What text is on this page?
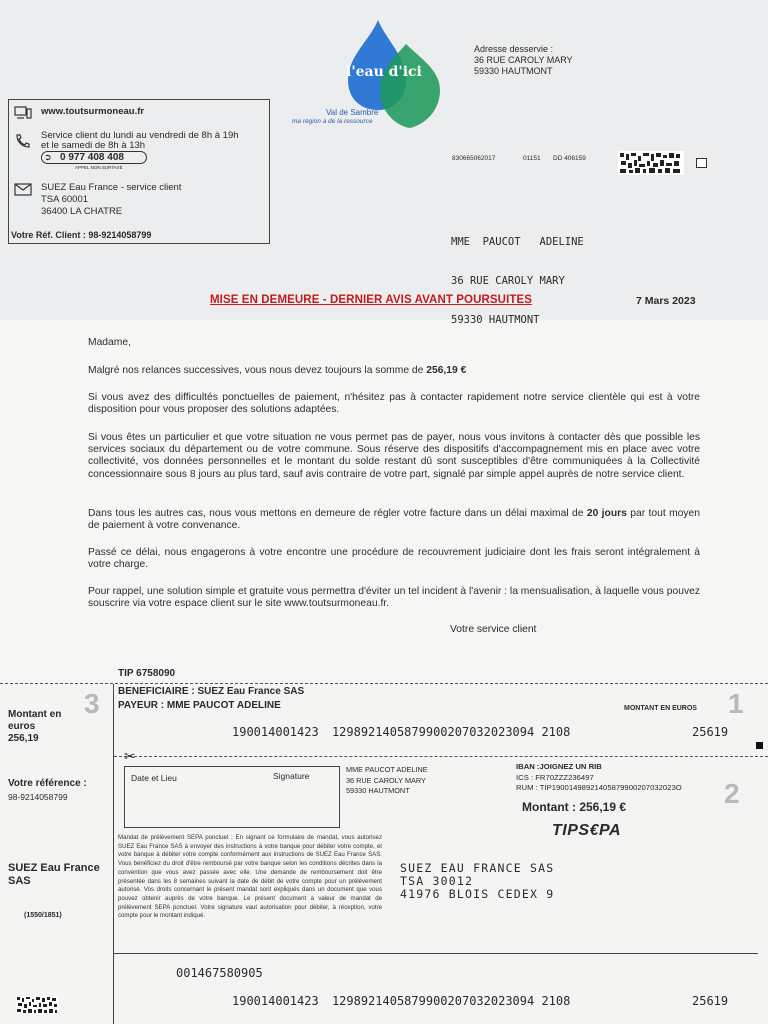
l'eau d'ici
Val de Sambre
ma région a de la ressource
Adresse desservie :
36 RUE CAROLY MARY
59330 HAUTMONT
www.toutsurmoneau.fr
Service client du lundi au vendredi de 8h à 19h
et le samedi de 8h à 13h
➲ 0 977 408 408
APPEL NON SURTAXÉ
SUEZ Eau France - service client
TSA 60001
36400 LA CHATRE
Votre Réf. Client : 98-9214058799
830665062017	01151 DD 406159

MME  PAUCOT   ADELINE

36 RUE CAROLY MARY

59330 HAUTMONT

MISE EN DEMEURE - DERNIER AVIS AVANT POURSUITES	7 Mars 2023
Madame,
Malgré nos relances successives, vous nous devez toujours la somme de 256,19 €
Si vous avez des difficultés ponctuelles de paiement, n'hésitez pas à contacter rapidement notre service clientèle qui est à votre disposition pour vous proposer des solutions adaptées.
Si vous êtes un particulier et que votre situation ne vous permet pas de payer, nous vous invitons à contacter dès que possible les services sociaux du département ou de votre commune. Sous réserve des dispositifs d'accompagnement mis en place avec votre collectivité, vos données personnelles et le montant du solde restant dû sont susceptibles d'être communiquées à la Collectivité concessionnaire sous 8 jours au plus tard, sauf avis contraire de votre part, signalé par simple appel auprès de notre service client.
Dans tous les autres cas, nous vous mettons en demeure de régler votre facture dans un délai maximal de 20 jours par tout moyen de paiement à votre convenance.
Passé ce délai, nous engagerons à votre encontre une procédure de recouvrement judiciaire dont les frais seront intégralement à votre charge.
Pour rappel, une solution simple et gratuite vous permettra d'éviter un tel incident à l'avenir : la mensualisation, à laquelle vous pouvez souscrire via votre espace client sur le site www.toutsurmoneau.fr.
Votre service client
TIP 6758090
BENEFICIAIRE : SUEZ Eau France SAS
PAYEUR : MME PAUCOT ADELINE
Montant en
euros
256,19
3	1
MONTANT EN EUROS
190014001423 1298921405879900207032023094 2108	25619
✂
Votre référence :
98-9214058799
Date et Lieu	Signature
MME PAUCOT ADELINE
36 RUE CAROLY MARY
59330 HAUTMONT
IBAN :JOIGNEZ UN RIB
ICS : FR70ZZZ236497
RUM : TIP19001498921405879900207032023O 2
Montant : 256,19 €
TIPS€PA
SUEZ Eau France
SAS
(1550/1851)
Mandat de prélèvement SEPA ponctuel : En signant ce formulaire de mandat, vous autorisez SUEZ Eau France SAS à envoyer des instructions à votre banque pour débiter votre compte, et votre banque à débiter votre compte conformément aux instructions de SUEZ Eau France SAS. Vous bénéficiez du droit d'être remboursé par votre banque selon les conditions décrites dans la convention que vous avez passée avec elle. Une demande de remboursement doit être présentée dans les 8 semaines suivant la date de débit de votre compte pour un prélèvement autorisé. Vos droits concernant le présent mandat sont expliqués dans un document que vous pouvez obtenir auprès de votre banque. Le présent document a valeur de mandat de prélèvement SEPA ponctuel. Votre signature vaut autorisation pour débiter, à réception, votre compte pour le montant indiqué.
SUEZ EAU FRANCE SAS
TSA 30012
41976 BLOIS CEDEX 9
001467580905
190014001423 1298921405879900207032023094 2108	25619
